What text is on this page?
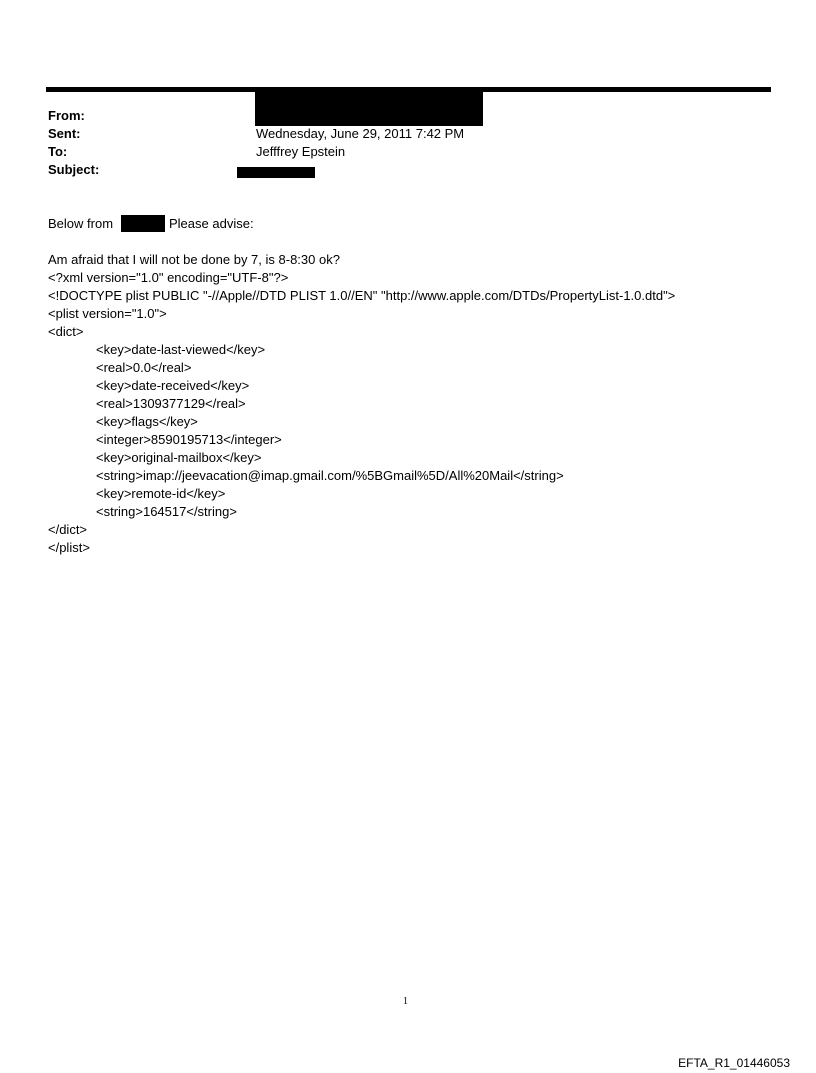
From:
Sent:	Wednesday, June 29, 2011 7:42 PM
To:	Jefffrey Epstein
Subject:
Below from	Please advise:
Am afraid that I will not be done by 7, is 8-8:30 ok?
<?xml version="1.0" encoding="UTF-8"?>
<!DOCTYPE plist PUBLIC "-//Apple//DTD PLIST 1.0//EN" "http://www.apple.com/DTDs/PropertyList-1.0.dtd">
<plist version="1.0">
<dict>
<key>date-last-viewed</key>
<real>0.0</real>
<key>date-received</key>
<real>1309377129</real>
<key>flags</key>
<integer>8590195713</integer>
<key>original-mailbox</key>
<string>imap://jeevacation@imap.gmail.com/%5BGmail%5D/All%20Mail</string>
<key>remote-id</key>
<string>164517</string>
</dict>
</plist>
1
EFTA_R1_01446053
